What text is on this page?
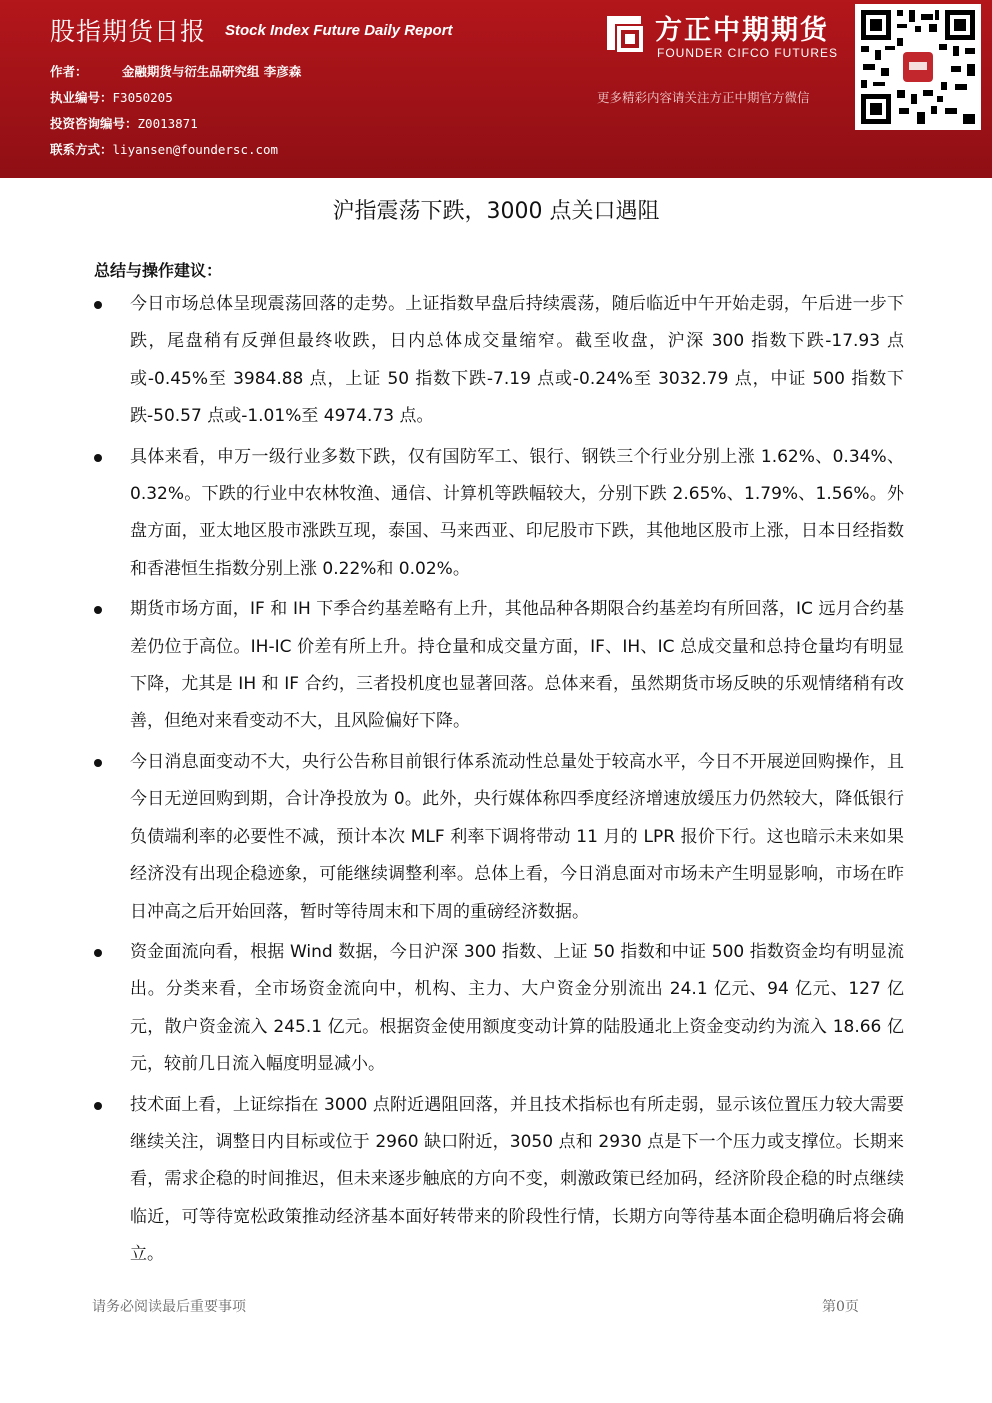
股指期货日报 Stock Index Future Daily Report
作者：	金融期货与衍生品研究组 李彦森
执业编号：F3050205
投资咨询编号：Z0013871
联系方式：liyansen@foundersc.com
方正中期期货
FOUNDER CIFCO FUTURES
更多精彩内容请关注方正中期官方微信
沪指震荡下跌，3000 点关口遇阻
总结与操作建议：
今日市场总体呈现震荡回落的走势。上证指数早盘后持续震荡，随后临近中午开始走弱，午后进一步下跌，尾盘稍有反弹但最终收跌，日内总体成交量缩窄。截至收盘，沪深 300 指数下跌-17.93 点或-0.45%至 3984.88 点，上证 50 指数下跌-7.19 点或-0.24%至 3032.79 点，中证 500 指数下跌-50.57 点或-1.01%至 4974.73 点。
具体来看，申万一级行业多数下跌，仅有国防军工、银行、钢铁三个行业分别上涨 1.62%、0.34%、0.32%。下跌的行业中农林牧渔、通信、计算机等跌幅较大，分别下跌 2.65%、1.79%、1.56%。外盘方面，亚太地区股市涨跌互现，泰国、马来西亚、印尼股市下跌，其他地区股市上涨，日本日经指数和香港恒生指数分别上涨 0.22%和 0.02%。
期货市场方面，IF 和 IH 下季合约基差略有上升，其他品种各期限合约基差均有所回落，IC 远月合约基差仍位于高位。IH-IC 价差有所上升。持仓量和成交量方面，IF、IH、IC 总成交量和总持仓量均有明显下降，尤其是 IH 和 IF 合约，三者投机度也显著回落。总体来看，虽然期货市场反映的乐观情绪稍有改善，但绝对来看变动不大，且风险偏好下降。
今日消息面变动不大，央行公告称目前银行体系流动性总量处于较高水平，今日不开展逆回购操作，且今日无逆回购到期，合计净投放为 0。此外，央行媒体称四季度经济增速放缓压力仍然较大，降低银行负债端利率的必要性不减，预计本次 MLF 利率下调将带动 11 月的 LPR 报价下行。这也暗示未来如果经济没有出现企稳迹象，可能继续调整利率。总体上看，今日消息面对市场未产生明显影响，市场在昨日冲高之后开始回落，暂时等待周末和下周的重磅经济数据。
资金面流向看，根据 Wind 数据，今日沪深 300 指数、上证 50 指数和中证 500 指数资金均有明显流出。分类来看，全市场资金流向中，机构、主力、大户资金分别流出 24.1 亿元、94 亿元、127 亿元，散户资金流入 245.1 亿元。根据资金使用额度变动计算的陆股通北上资金变动约为流入 18.66 亿元，较前几日流入幅度明显减小。
技术面上看，上证综指在 3000 点附近遇阻回落，并且技术指标也有所走弱，显示该位置压力较大需要继续关注，调整日内目标或位于 2960 缺口附近，3050 点和 2930 点是下一个压力或支撑位。长期来看，需求企稳的时间推迟，但未来逐步触底的方向不变，刺激政策已经加码，经济阶段企稳的时点继续临近，可等待宽松政策推动经济基本面好转带来的阶段性行情，长期方向等待基本面企稳明确后将会确立。
请务必阅读最后重要事项	第0页
